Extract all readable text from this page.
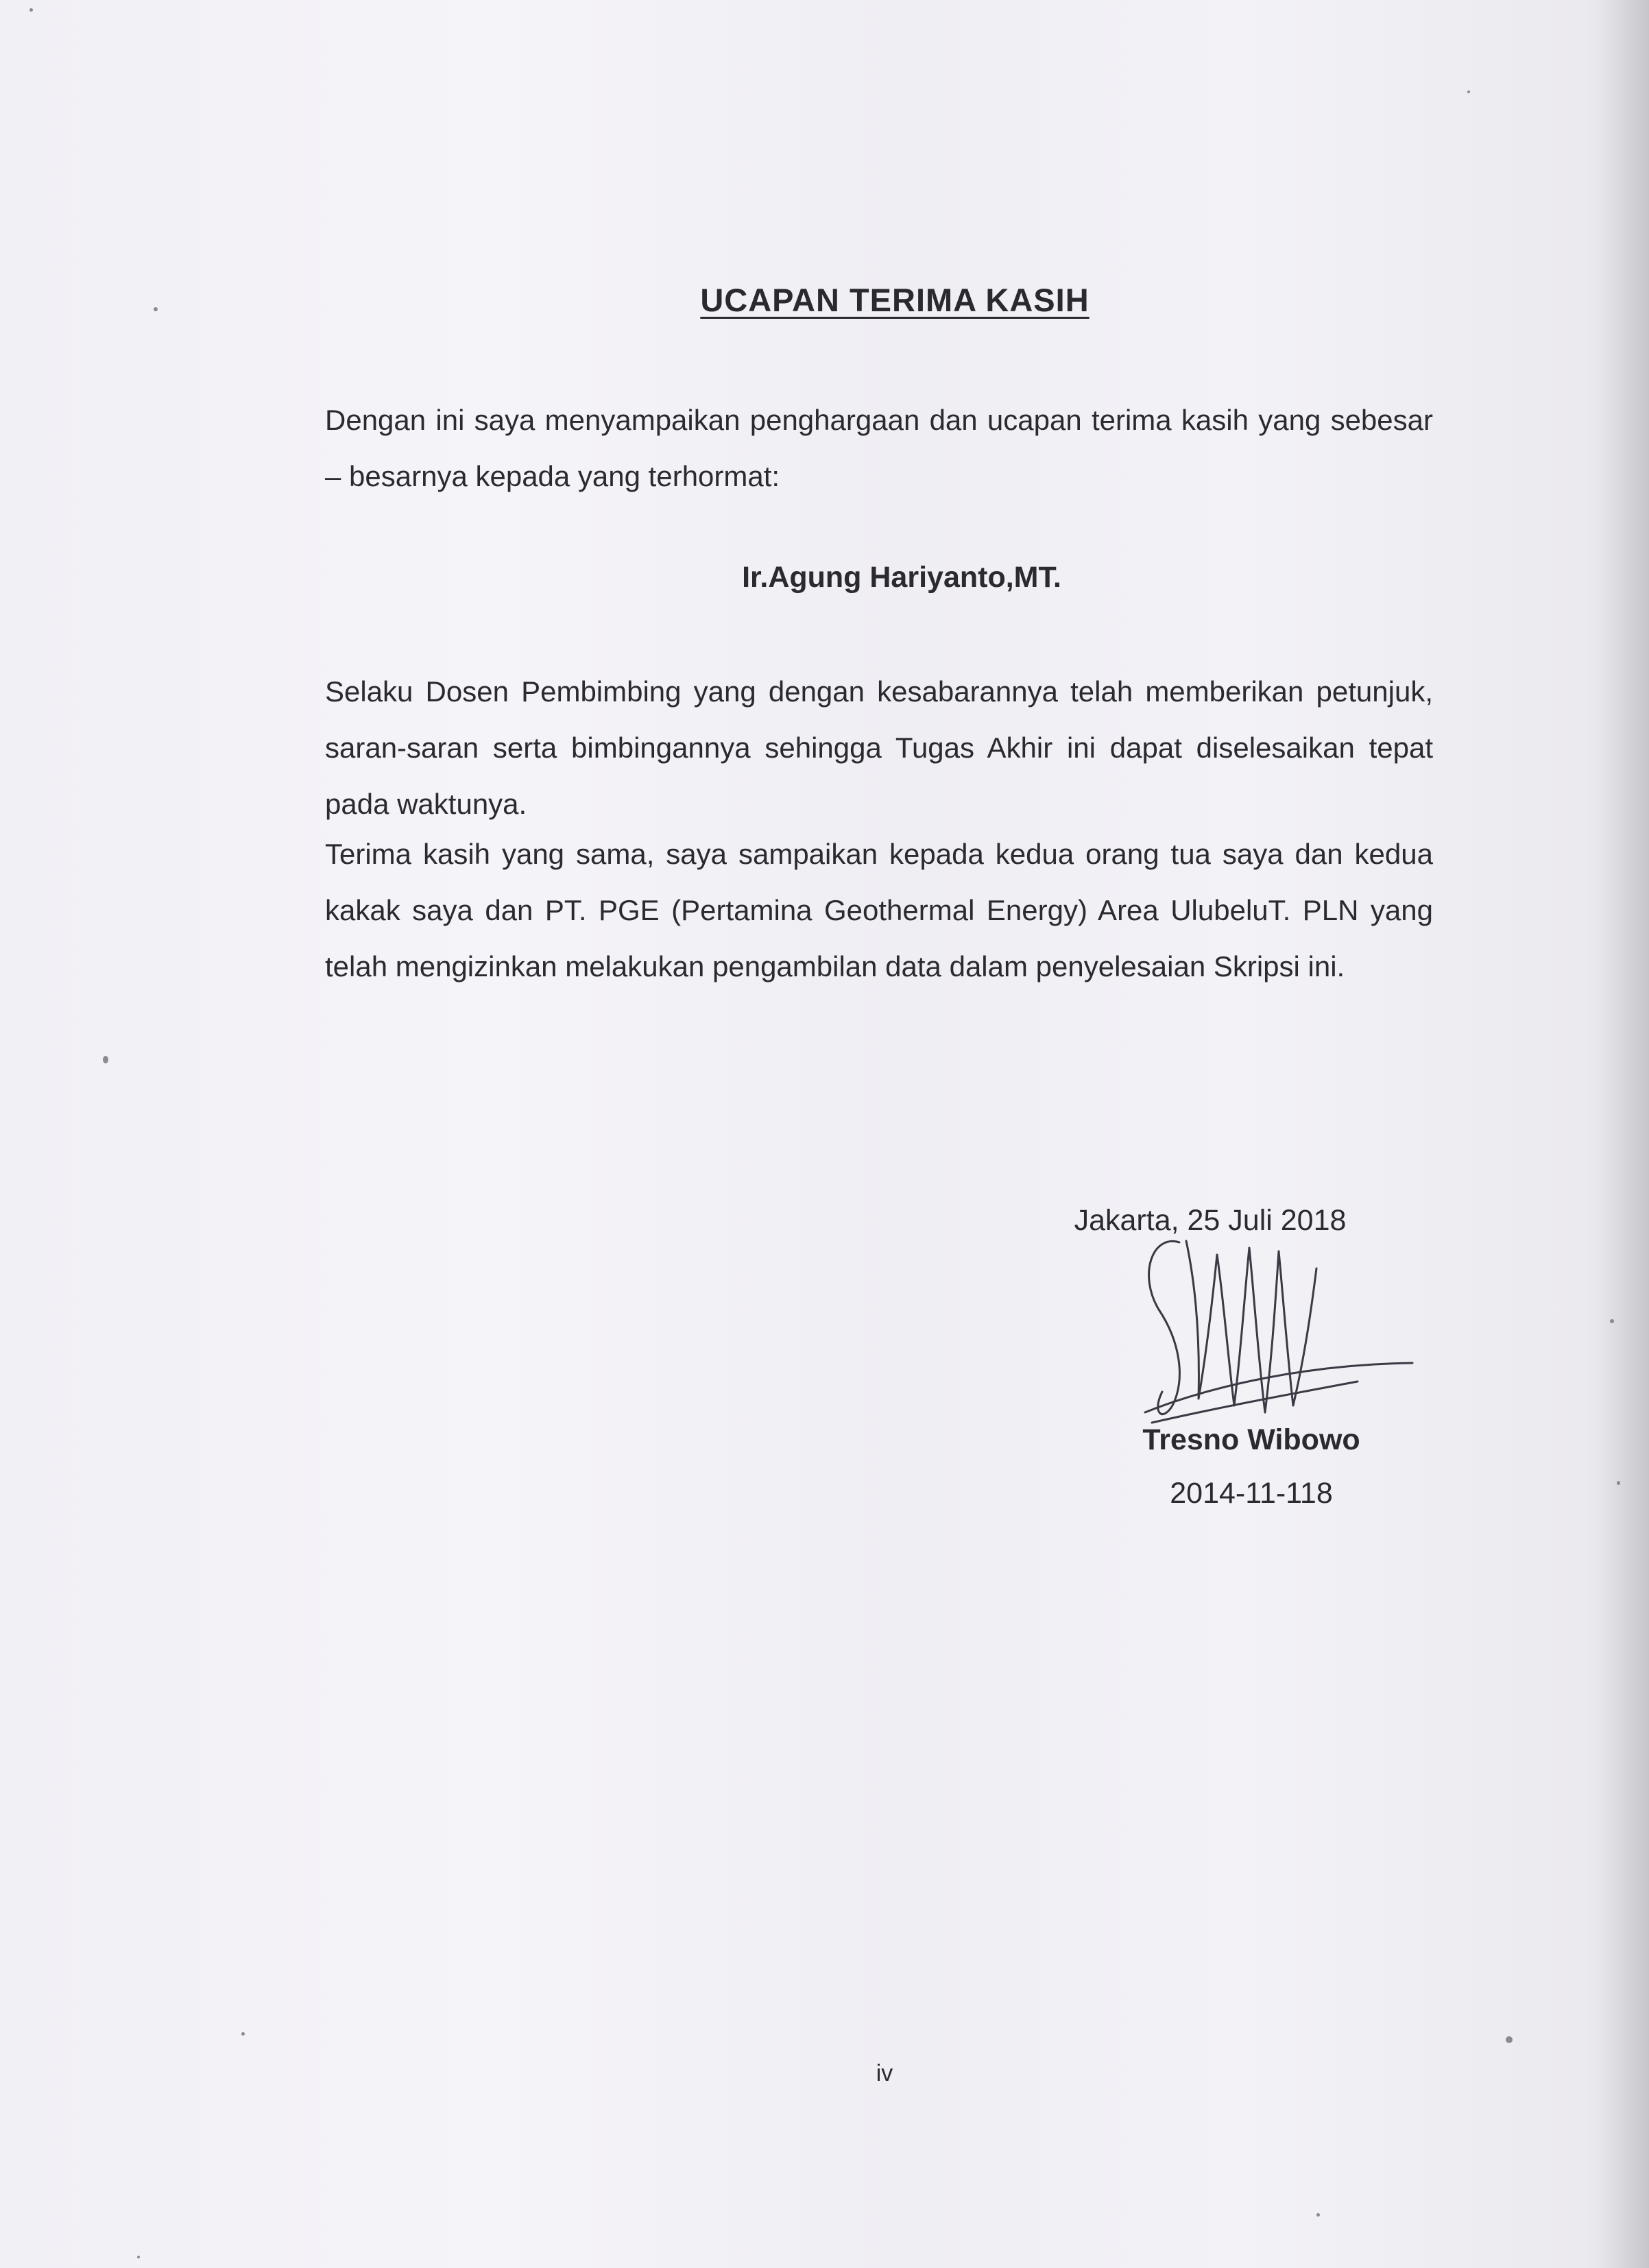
UCAPAN TERIMA KASIH

Dengan ini saya menyampaikan penghargaan dan ucapan terima kasih yang sebesar – besarnya kepada yang terhormat:

Ir.Agung Hariyanto,MT.

Selaku Dosen Pembimbing yang dengan kesabarannya telah memberikan petunjuk, saran-saran serta bimbingannya sehingga Tugas Akhir ini dapat diselesaikan tepat pada waktunya.

Terima kasih yang sama, saya sampaikan kepada kedua orang tua saya dan kedua kakak saya dan PT. PGE (Pertamina Geothermal Energy) Area UlubeluT. PLN yang telah mengizinkan melakukan pengambilan data dalam penyelesaian Skripsi ini.

Jakarta, 25 Juli 2018

Tresno Wibowo

2014-11-118

iv
